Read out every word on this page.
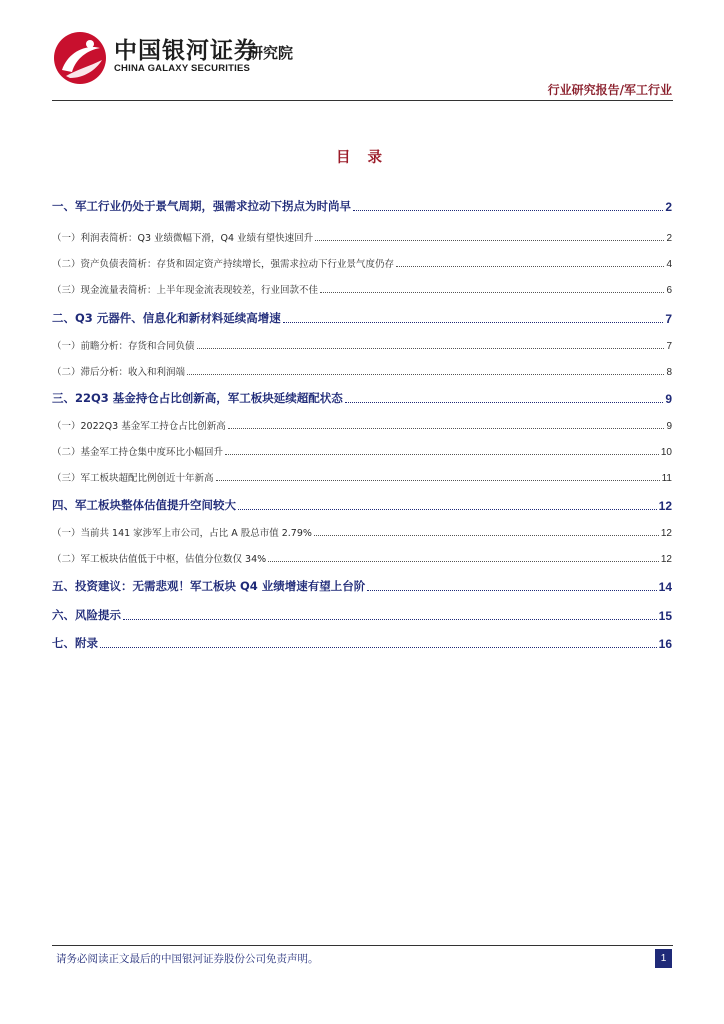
中国银河证券
CHINA GALAXY SECURITIES
研究院
行业研究报告/军工行业
目 录
一、军工行业仍处于景气周期，强需求拉动下拐点为时尚早	2
（一）利润表简析：Q3 业绩微幅下滑，Q4 业绩有望快速回升	2
（二）资产负债表简析：存货和固定资产持续增长，强需求拉动下行业景气度仍存	4
（三）现金流量表简析：上半年现金流表现较差，行业回款不佳	6
二、Q3 元器件、信息化和新材料延续高增速	7
（一）前瞻分析：存货和合同负债	7
（二）滞后分析：收入和利润端	8
三、22Q3 基金持仓占比创新高，军工板块延续超配状态	9
（一）2022Q3 基金军工持仓占比创新高	9
（二）基金军工持仓集中度环比小幅回升	10
（三）军工板块超配比例创近十年新高	11
四、军工板块整体估值提升空间较大	12
（一）当前共 141 家涉军上市公司，占比 A 股总市值 2.79%	12
（二）军工板块估值低于中枢，估值分位数仅 34%	12
五、投资建议：无需悲观！军工板块 Q4 业绩增速有望上台阶	14
六、风险提示	15
七、附录	16
请务必阅读正文最后的中国银河证券股份公司免责声明。	1
